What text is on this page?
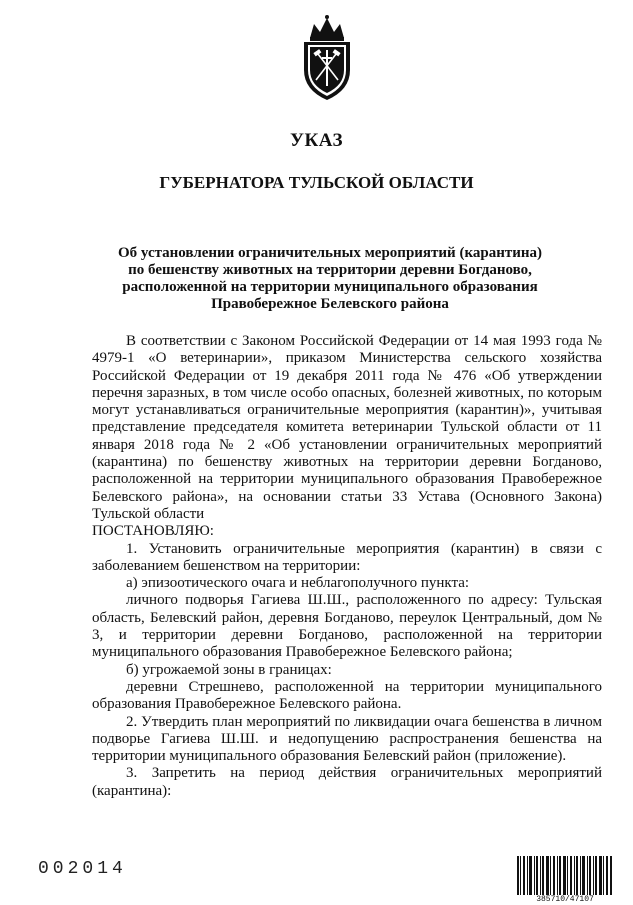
УКАЗ
ГУБЕРНАТОРА ТУЛЬСКОЙ ОБЛАСТИ
Об установлении ограничительных мероприятий (карантина)
по бешенству животных на территории деревни Богданово,
расположенной на территории муниципального образования
Правобережное Белевского района

В соответствии с Законом Российской Федерации от 14 мая 1993 года № 4979-1 «О ветеринарии», приказом Министерства сельского хозяйства Российской Федерации от 19 декабря 2011 года № 476 «Об утверждении перечня заразных, в том числе особо опасных, болезней животных, по которым могут устанавливаться ограничительные мероприятия (карантин)», учитывая представление председателя комитета ветеринарии Тульской области от 11 января 2018 года № 2 «Об установлении ограничительных мероприятий (карантина) по бешенству животных на территории деревни Богданово, расположенной на территории муниципального образования Правобережное Белевского района», на основании статьи 33 Устава (Основного Закона) Тульской области

ПОСТАНОВЛЯЮ:

1. Установить ограничительные мероприятия (карантин) в связи с заболеванием бешенством на территории:

а) эпизоотического очага и неблагополучного пункта:

личного подворья Гагиева Ш.Ш., расположенного по адресу: Тульская область, Белевский район, деревня Богданово, переулок Центральный, дом № 3, и территории деревни Богданово, расположенной на территории муниципального образования Правобережное Белевского района;

б) угрожаемой зоны в границах:

деревни Стрешнево, расположенной на территории муниципального образования Правобережное Белевского района.

2. Утвердить план мероприятий по ликвидации очага бешенства в личном подворье Гагиева Ш.Ш. и недопущению распространения бешенства на территории муниципального образования Белевский район (приложение).

3. Запретить на период действия ограничительных мероприятий (карантина):

002014
385710/47107
